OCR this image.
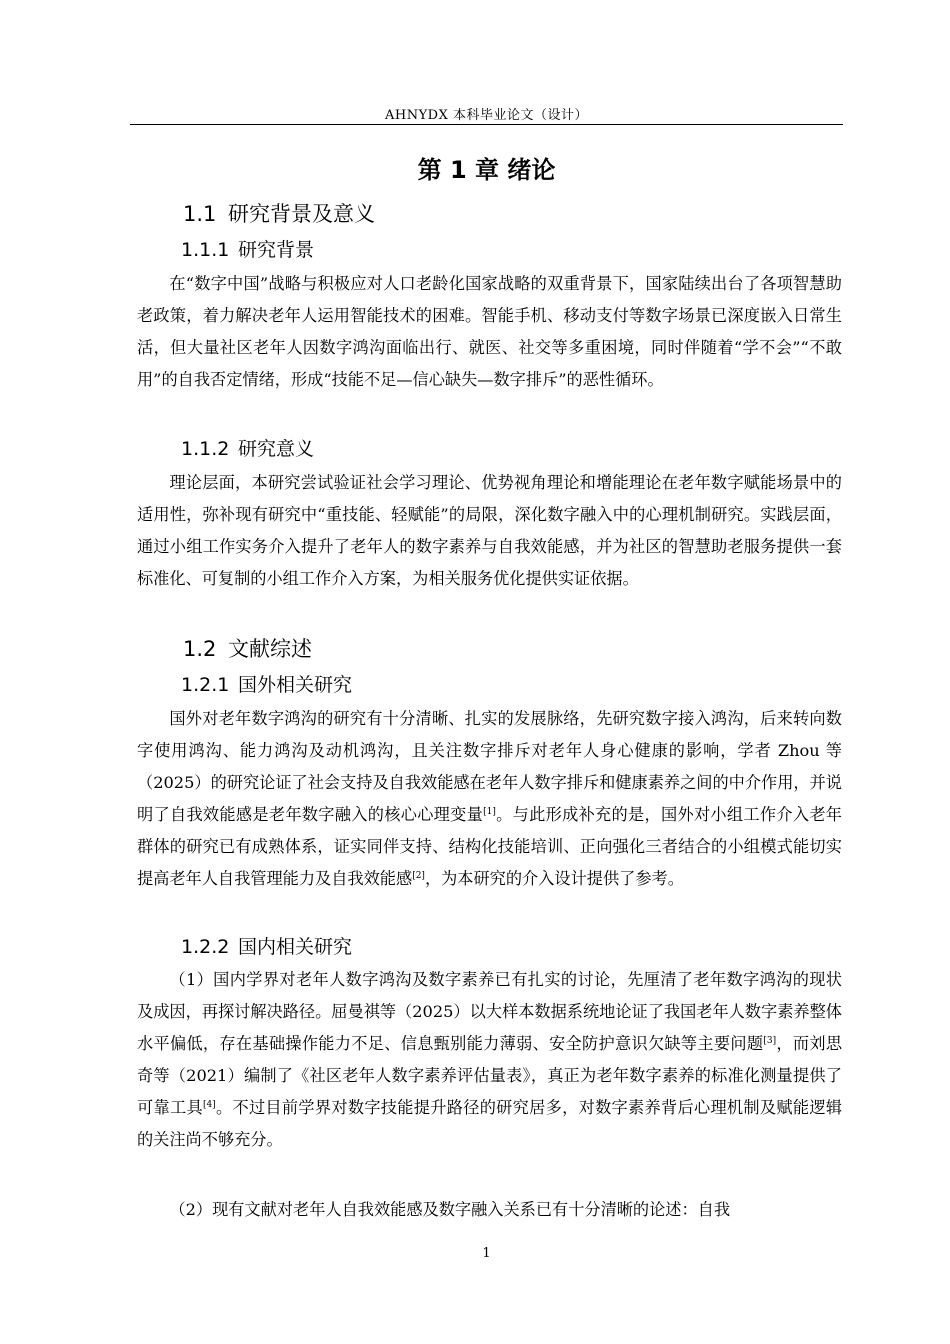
AHNYDX 本科毕业论文（设计）
第 1 章 绪论
1.1 研究背景及意义
1.1.1 研究背景
在“数字中国”战略与积极应对人口老龄化国家战略的双重背景下，国家陆续出台了各项智慧助老政策，着力解决老年人运用智能技术的困难。智能手机、移动支付等数字场景已深度嵌入日常生活，但大量社区老年人因数字鸿沟面临出行、就医、社交等多重困境，同时伴随着“学不会”“不敢用”的自我否定情绪，形成“技能不足—信心缺失—数字排斥”的恶性循环。
1.1.2 研究意义
理论层面，本研究尝试验证社会学习理论、优势视角理论和增能理论在老年数字赋能场景中的适用性，弥补现有研究中“重技能、轻赋能”的局限，深化数字融入中的心理机制研究。实践层面，通过小组工作实务介入提升了老年人的数字素养与自我效能感，并为社区的智慧助老服务提供一套标准化、可复制的小组工作介入方案，为相关服务优化提供实证依据。
1.2 文献综述
1.2.1 国外相关研究
国外对老年数字鸿沟的研究有十分清晰、扎实的发展脉络，先研究数字接入鸿沟，后来转向数字使用鸿沟、能力鸿沟及动机鸿沟，且关注数字排斥对老年人身心健康的影响，学者 Zhou 等（2025）的研究论证了社会支持及自我效能感在老年人数字排斥和健康素养之间的中介作用，并说明了自我效能感是老年数字融入的核心心理变量[1]。与此形成补充的是，国外对小组工作介入老年群体的研究已有成熟体系，证实同伴支持、结构化技能培训、正向强化三者结合的小组模式能切实提高老年人自我管理能力及自我效能感[2]，为本研究的介入设计提供了参考。
1.2.2 国内相关研究
（1）国内学界对老年人数字鸿沟及数字素养已有扎实的讨论，先厘清了老年数字鸿沟的现状及成因，再探讨解决路径。屈曼祺等（2025）以大样本数据系统地论证了我国老年人数字素养整体水平偏低，存在基础操作能力不足、信息甄别能力薄弱、安全防护意识欠缺等主要问题[3]，而刘思奇等（2021）编制了《社区老年人数字素养评估量表》，真正为老年数字素养的标准化测量提供了可靠工具[4]。不过目前学界对数字技能提升路径的研究居多，对数字素养背后心理机制及赋能逻辑的关注尚不够充分。
（2）现有文献对老年人自我效能感及数字融入关系已有十分清晰的论述：自我
1
